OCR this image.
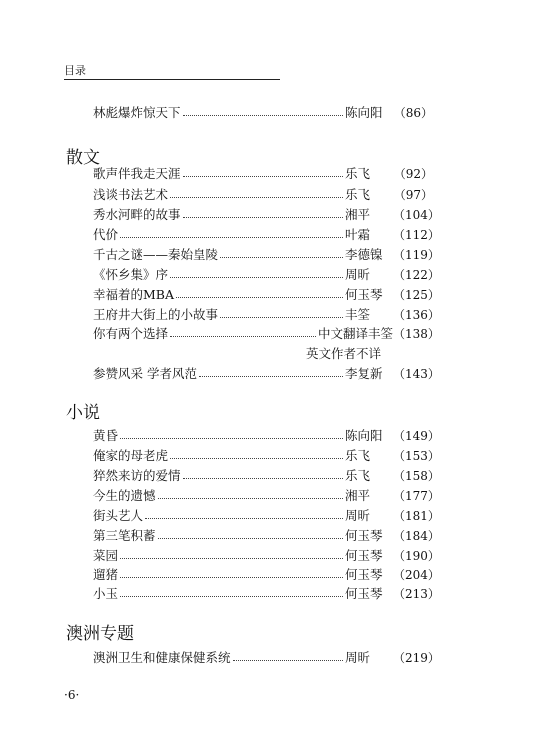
目录
林彪爆炸惊天下	陈向阳 （86）
散文
歌声伴我走天涯	乐飞	（92）
浅谈书法艺术	乐飞	（97）
秀水河畔的故事	湘平	（104）
代价	叶霜	（112）
千古之谜——秦始皇陵	李德镍 （119）
《怀乡集》序	周昕	（122）
幸福着的MBA	何玉琴 （125）
王府井大街上的小故事	丰筌	（136）
你有两个选择	中文翻译丰筌 （138）
英文作者不详
参赞风采 学者风范	李复新 （143）
小说
黄昏	陈向阳 （149）
俺家的母老虎	乐飞	（153）
猝然来访的爱情	乐飞	（158）
今生的遗憾	湘平	（177）
街头艺人	周昕	（181）
第三笔积蓄	何玉琴 （184）
菜园	何玉琴 （190）
遛猪	何玉琴 （204）
小玉	何玉琴 （213）
澳洲专题
澳洲卫生和健康保健系统	周昕	（219）
·6·
